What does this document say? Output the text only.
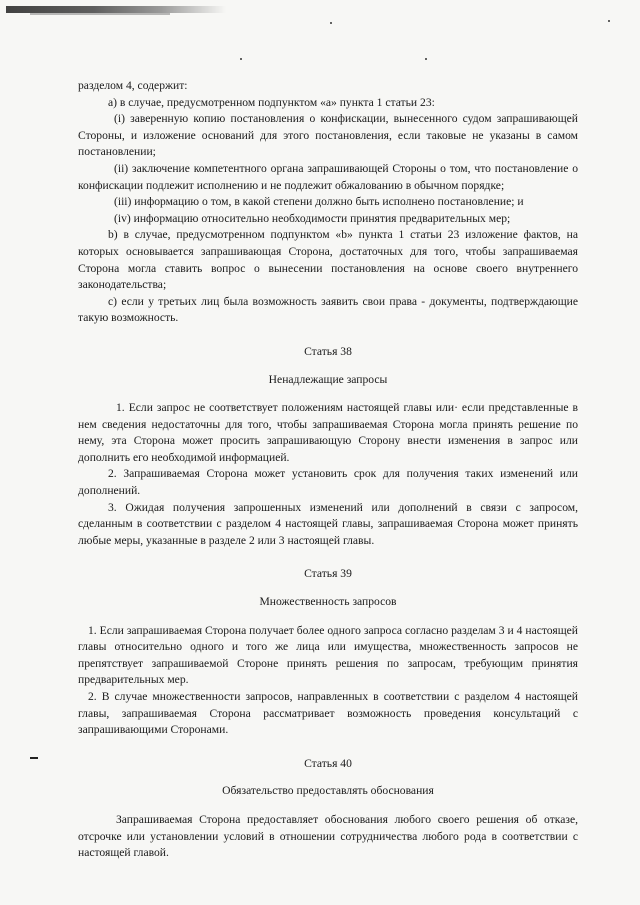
разделом 4, содержит:

а) в случае, предусмотренном подпунктом «а» пункта 1 статьи 23:

(i) заверенную копию постановления о конфискации, вынесенного судом запрашивающей Стороны, и изложение оснований для этого постановления, если таковые не указаны в самом постановлении;

(ii) заключение компетентного органа запрашивающей Стороны о том, что постановление о конфискации подлежит исполнению и не подлежит обжалованию в обычном порядке;

(iii) информацию о том, в какой степени должно быть исполнено постановление; и

(iv) информацию относительно необходимости принятия предварительных мер;

b) в случае, предусмотренном подпунктом «b» пункта 1 статьи 23 изложение фактов, на которых основывается запрашивающая Сторона, достаточных для того, чтобы запрашиваемая Сторона могла ставить вопрос о вынесении постановления на основе своего внутреннего законодательства;

c) если у третьих лиц была возможность заявить свои права - документы, подтверждающие такую возможность.

Статья 38

Ненадлежащие запросы

1. Если запрос не соответствует положениям настоящей главы или· если представленные в нем сведения недостаточны для того, чтобы запрашиваемая Сторона могла принять решение по нему, эта Сторона может просить запрашивающую Сторону внести изменения в запрос или дополнить его необходимой информацией.

2. Запрашиваемая Сторона может установить срок для получения таких изменений или дополнений.

3. Ожидая получения запрошенных изменений или дополнений в связи с запросом, сделанным в соответствии с разделом 4 настоящей главы, запрашиваемая Сторона может принять любые меры, указанные в разделе 2 или 3 настоящей главы.

Статья 39

Множественность запросов

1. Если запрашиваемая Сторона получает более одного запроса согласно разделам 3 и 4 настоящей главы относительно одного и того же лица или имущества, множественность запросов не препятствует запрашиваемой Стороне принять решения по запросам, требующим принятия предварительных мер.

2. В случае множественности запросов, направленных в соответствии с разделом 4 настоящей главы, запрашиваемая Сторона рассматривает возможность проведения консультаций с запрашивающими Сторонами.

Статья 40

Обязательство предоставлять обоснования

Запрашиваемая Сторона предоставляет обоснования любого своего решения об отказе, отсрочке или установлении условий в отношении сотрудничества любого рода в соответствии с настоящей главой.
